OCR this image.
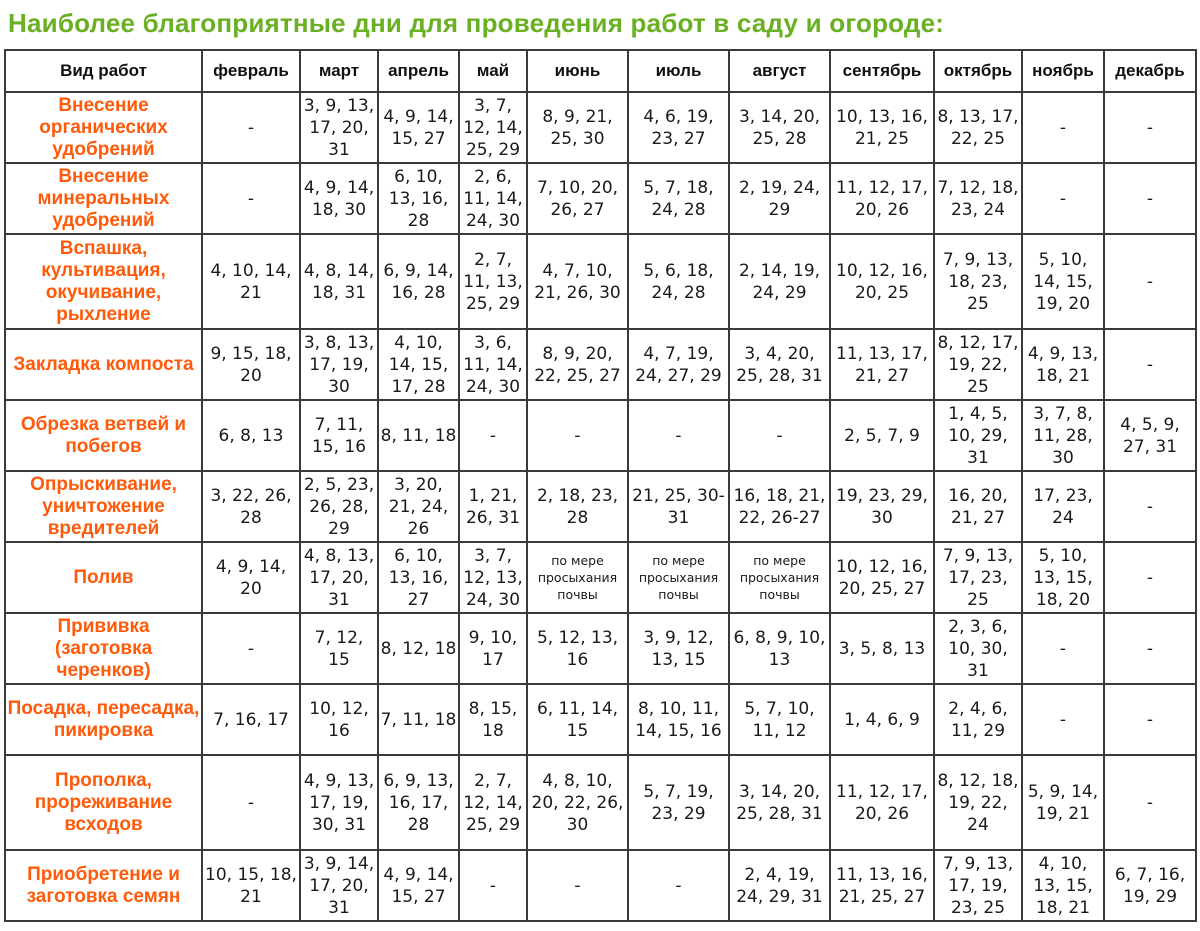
Наиболее благоприятные дни для проведения работ в саду и огороде:
Вид работ	февраль	март	апрель	май	июнь	июль	август	сентябрь	октябрь	ноябрь	декабрь
Внесение органических удобрений	-	3, 9, 13, 17, 20, 31	4, 9, 14, 15, 27	3, 7, 12, 14, 25, 29	8, 9, 21, 25, 30	4, 6, 19, 23, 27	3, 14, 20, 25, 28	10, 13, 16, 21, 25	8, 13, 17, 22, 25	-	-
Внесение минеральных удобрений	-	4, 9, 14, 18, 30	6, 10, 13, 16, 28	2, 6, 11, 14, 24, 30	7, 10, 20, 26, 27	5, 7, 18, 24, 28	2, 19, 24, 29	11, 12, 17, 20, 26	7, 12, 18, 23, 24	-	-
Вспашка, культивация, окучивание, рыхление	4, 10, 14, 21	4, 8, 14, 18, 31	6, 9, 14, 16, 28	2, 7, 11, 13, 25, 29	4, 7, 10, 21, 26, 30	5, 6, 18, 24, 28	2, 14, 19, 24, 29	10, 12, 16, 20, 25	7, 9, 13, 18, 23, 25	5, 10, 14, 15, 19, 20	-
Закладка компоста	9, 15, 18, 20	3, 8, 13, 17, 19, 30	4, 10, 14, 15, 17, 28	3, 6, 11, 14, 24, 30	8, 9, 20, 22, 25, 27	4, 7, 19, 24, 27, 29	3, 4, 20, 25, 28, 31	11, 13, 17, 21, 27	8, 12, 17, 19, 22, 25	4, 9, 13, 18, 21	-
Обрезка ветвей и побегов	6, 8, 13	7, 11, 15, 16	8, 11, 18	-	-	-	-	2, 5, 7, 9	1, 4, 5, 10, 29, 31	3, 7, 8, 11, 28, 30	4, 5, 9, 27, 31
Опрыскивание, уничтожение вредителей	3, 22, 26, 28	2, 5, 23, 26, 28, 29	3, 20, 21, 24, 26	1, 21, 26, 31	2, 18, 23, 28	21, 25, 30-31	16, 18, 21, 22, 26-27	19, 23, 29, 30	16, 20, 21, 27	17, 23, 24	-
Полив	4, 9, 14, 20	4, 8, 13, 17, 20, 31	6, 10, 13, 16, 27	3, 7, 12, 13, 24, 30	по мере просыхания почвы	по мере просыхания почвы	по мере просыхания почвы	10, 12, 16, 20, 25, 27	7, 9, 13, 17, 23, 25	5, 10, 13, 15, 18, 20	-
Прививка (заготовка черенков)	-	7, 12, 15	8, 12, 18	9, 10, 17	5, 12, 13, 16	3, 9, 12, 13, 15	6, 8, 9, 10, 13	3, 5, 8, 13	2, 3, 6, 10, 30, 31	-	-
Посадка, пересадка, пикировка	7, 16, 17	10, 12, 16	7, 11, 18	8, 15, 18	6, 11, 14, 15	8, 10, 11, 14, 15, 16	5, 7, 10, 11, 12	1, 4, 6, 9	2, 4, 6, 11, 29	-	-
Прополка, прореживание всходов	-	4, 9, 13, 17, 19, 30, 31	6, 9, 13, 16, 17, 28	2, 7, 12, 14, 25, 29	4, 8, 10, 20, 22, 26, 30	5, 7, 19, 23, 29	3, 14, 20, 25, 28, 31	11, 12, 17, 20, 26	8, 12, 18, 19, 22, 24	5, 9, 14, 19, 21	-
Приобретение и заготовка семян	10, 15, 18, 21	3, 9, 14, 17, 20, 31	4, 9, 14, 15, 27	-	-	-	2, 4, 19, 24, 29, 31	11, 13, 16, 21, 25, 27	7, 9, 13, 17, 19, 23, 25	4, 10, 13, 15, 18, 21	6, 7, 16, 19, 29
